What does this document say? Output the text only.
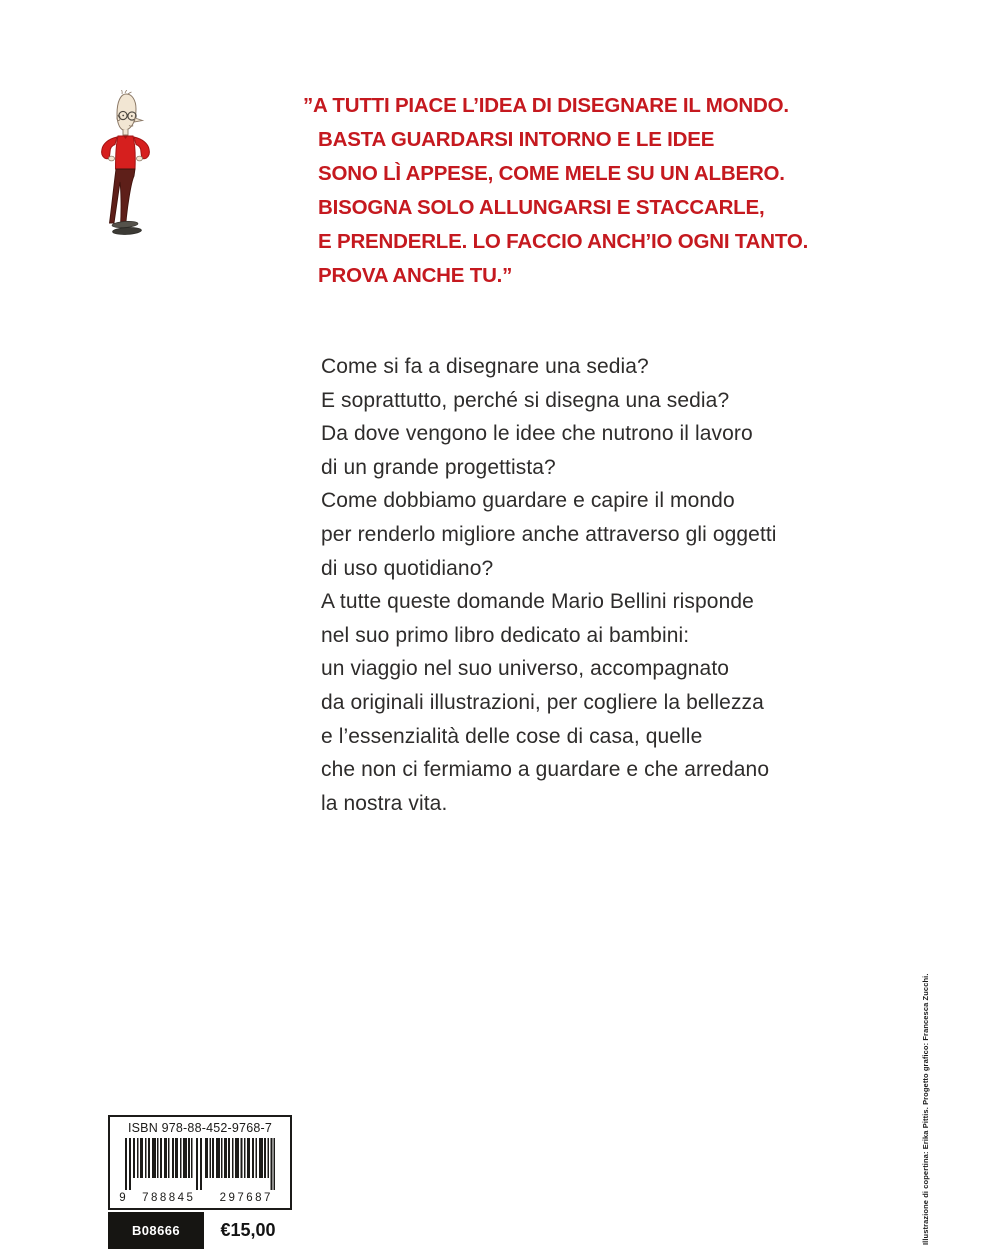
”A TUTTI PIACE L’IDEA DI DISEGNARE IL MONDO.
BASTA GUARDARSI INTORNO E LE IDEE
SONO LÌ APPESE, COME MELE SU UN ALBERO.
BISOGNA SOLO ALLUNGARSI E STACCARLE,
E PRENDERLE. LO FACCIO ANCH’IO OGNI TANTO.
PROVA ANCHE TU.”
Come si fa a disegnare una sedia?
E soprattutto, perché si disegna una sedia?
Da dove vengono le idee che nutrono il lavoro
di un grande progettista?
Come dobbiamo guardare e capire il mondo
per renderlo migliore anche attraverso gli oggetti
di uso quotidiano?
A tutte queste domande Mario Bellini risponde
nel suo primo libro dedicato ai bambini:
un viaggio nel suo universo, accompagnato
da originali illustrazioni, per cogliere la bellezza
e l’essenzialità delle cose di casa, quelle
che non ci fermiamo a guardare e che arredano
la nostra vita.
ISBN 978-88-452-9768-7
9	788845	297687
B08666	€15,00	Illustrazione di copertina: Erika Pittis. Progetto grafico: Francesca Zucchi.
